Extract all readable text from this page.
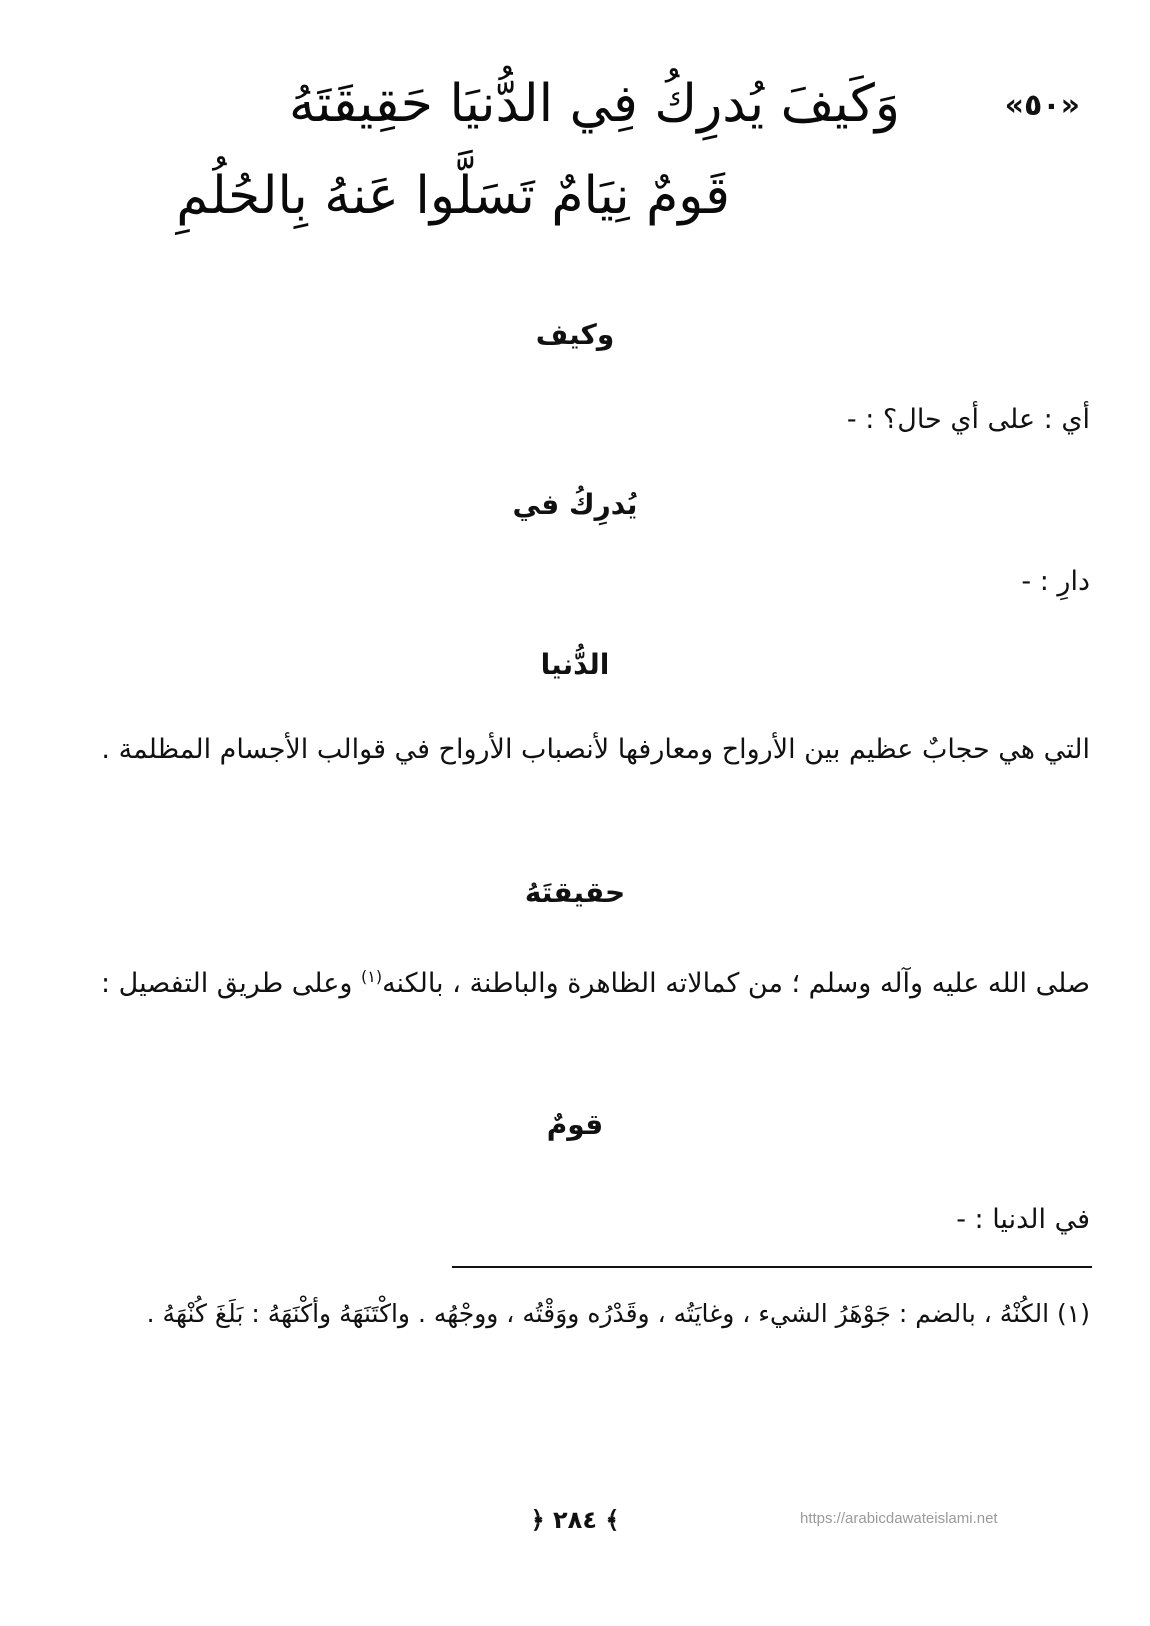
«٥٠»
وَكَيفَ يُدرِكُ فِي الدُّنيَا حَقِيقَتَهُ
قَومٌ نِيَامٌ تَسَلَّوا عَنهُ بِالحُلُمِ
وكيف
أي : على أي حال؟ : -
يُدرِكُ في
دارِ : -
الدُّنيا
التي هي حجابٌ عظيم بين الأرواح ومعارفها لأنصباب الأرواح في قوالب الأجسام المظلمة .
حقيقتَهُ
صلى الله عليه وآله وسلم ؛ من كمالاته الظاهرة والباطنة ، بالكنه$^{(١)}$ وعلى طريق التفصيل :
قومٌ
في الدنيا : -
(١) الكُنْهُ ، بالضم : جَوْهَرُ الشيء ، وغايَتُه ، وقَدْرُه ووَقْتُه ، ووجْهُه . واكْتَنَهَهُ وأكْنَهَهُ : بَلَغَ كُنْهَهُ .
﴿ ٢٨٤ ﴾	https://arabicdawateislami.net
